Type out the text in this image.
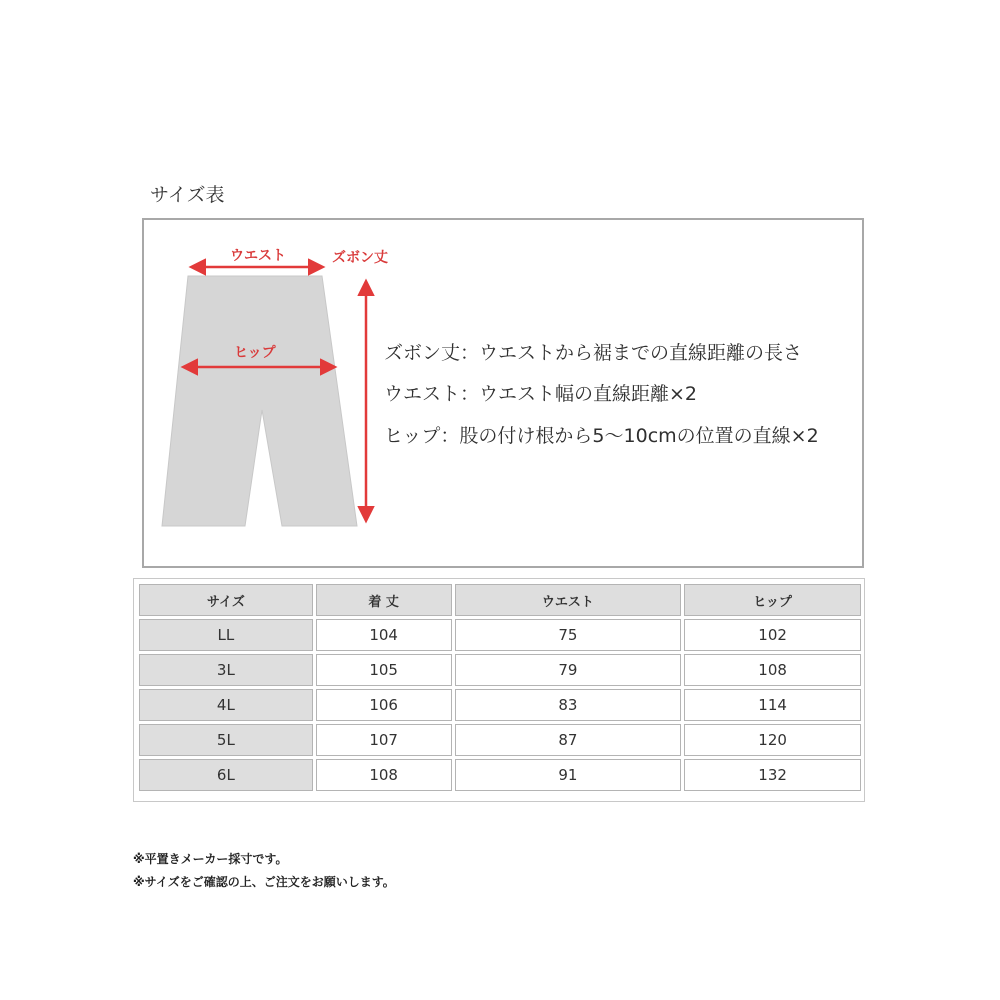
サイズ表
ウエスト
ヒップ
ズボン丈
ズボン丈：ウエストから裾までの直線距離の長さ
ウエスト：ウエスト幅の直線距離×2
ヒップ：股の付け根から5～10cmの位置の直線×2
サイズ	着 丈	ウエスト	ヒップ
LL	104	75	102
3L	105	79	108
4L	106	83	114
5L	107	87	120
6L	108	91	132
※平置きメーカー採寸です。
※サイズをご確認の上、ご注文をお願いします。
